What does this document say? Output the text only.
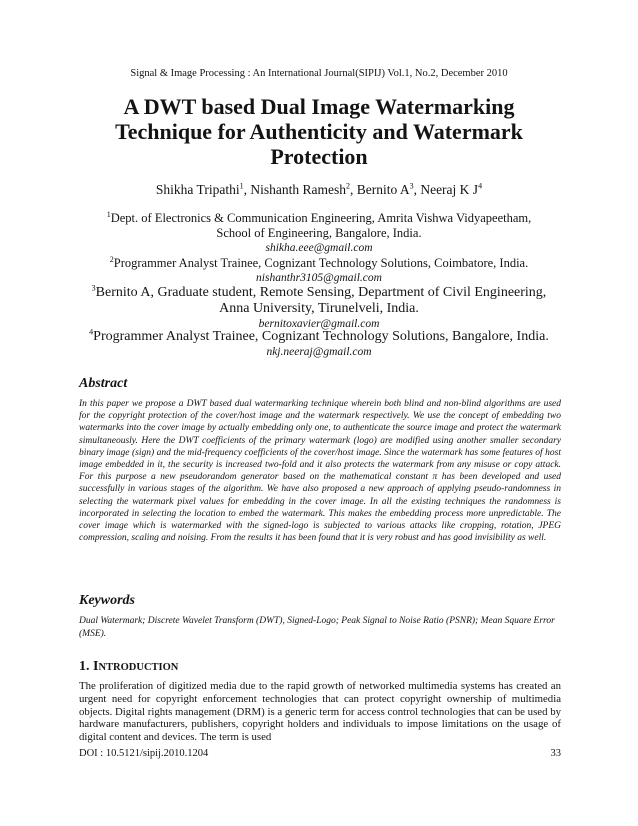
Signal & Image Processing : An International Journal(SIPIJ) Vol.1, No.2, December 2010
A DWT based Dual Image Watermarking
Technique for Authenticity and Watermark
Protection
Shikha Tripathi$^1$, Nishanth Ramesh$^2$, Bernito $A^3$, Neeraj K $J^4$
$^1$Dept. of Electronics & Communication Engineering, Amrita Vishwa Vidyapeetham,
School of Engineering, Bangalore, India.
shikha.eee@gmail.com
$^2$Programmer Analyst Trainee, Cognizant Technology Solutions, Coimbatore, India.
nishanthr3105@gmail.com
$^3$Bernito A, Graduate student, Remote Sensing, Department of Civil Engineering,
Anna University, Tirunelveli, India.
bernitoxavier@gmail.com
$^4$Programmer Analyst Trainee, Cognizant Technology Solutions, Bangalore, India.
nkj.neeraj@gmail.com
Abstract
In this paper we propose a DWT based dual watermarking technique wherein both blind and non-blind algorithms are used for the copyright protection of the cover/host image and the watermark respectively. We use the concept of embedding two watermarks into the cover image by actually embedding only one, to authenticate the source image and protect the watermark simultaneously. Here the DWT coefficients of the primary watermark (logo) are modified using another smaller secondary binary image (sign) and the mid-frequency coefficients of the cover/host image. Since the watermark has some features of host image embedded in it, the security is increased two-fold and it also protects the watermark from any misuse or copy attack. For this purpose a new pseudorandom generator based on the mathematical constant π has been developed and used successfully in various stages of the algorithm. We have also proposed a new approach of applying pseudo-randomness in selecting the watermark pixel values for embedding in the cover image. In all the existing techniques the randomness is incorporated in selecting the location to embed the watermark. This makes the embedding process more unpredictable. The cover image which is watermarked with the signed-logo is subjected to various attacks like cropping, rotation, JPEG compression, scaling and noising. From the results it has been found that it is very robust and has good invisibility as well.
Keywords
Dual Watermark; Discrete Wavelet Transform (DWT), Signed-Logo; Peak Signal to Noise Ratio (PSNR); Mean Square Error (MSE).
1. INTRODUCTION
The proliferation of digitized media due to the rapid growth of networked multimedia systems has created an urgent need for copyright enforcement technologies that can protect copyright ownership of multimedia objects. Digital rights management (DRM) is a generic term for access control technologies that can be used by hardware manufacturers, publishers, copyright holders and individuals to impose limitations on the usage of digital content and devices. The term is used
DOI : 10.5121/sipij.2010.1204	33
